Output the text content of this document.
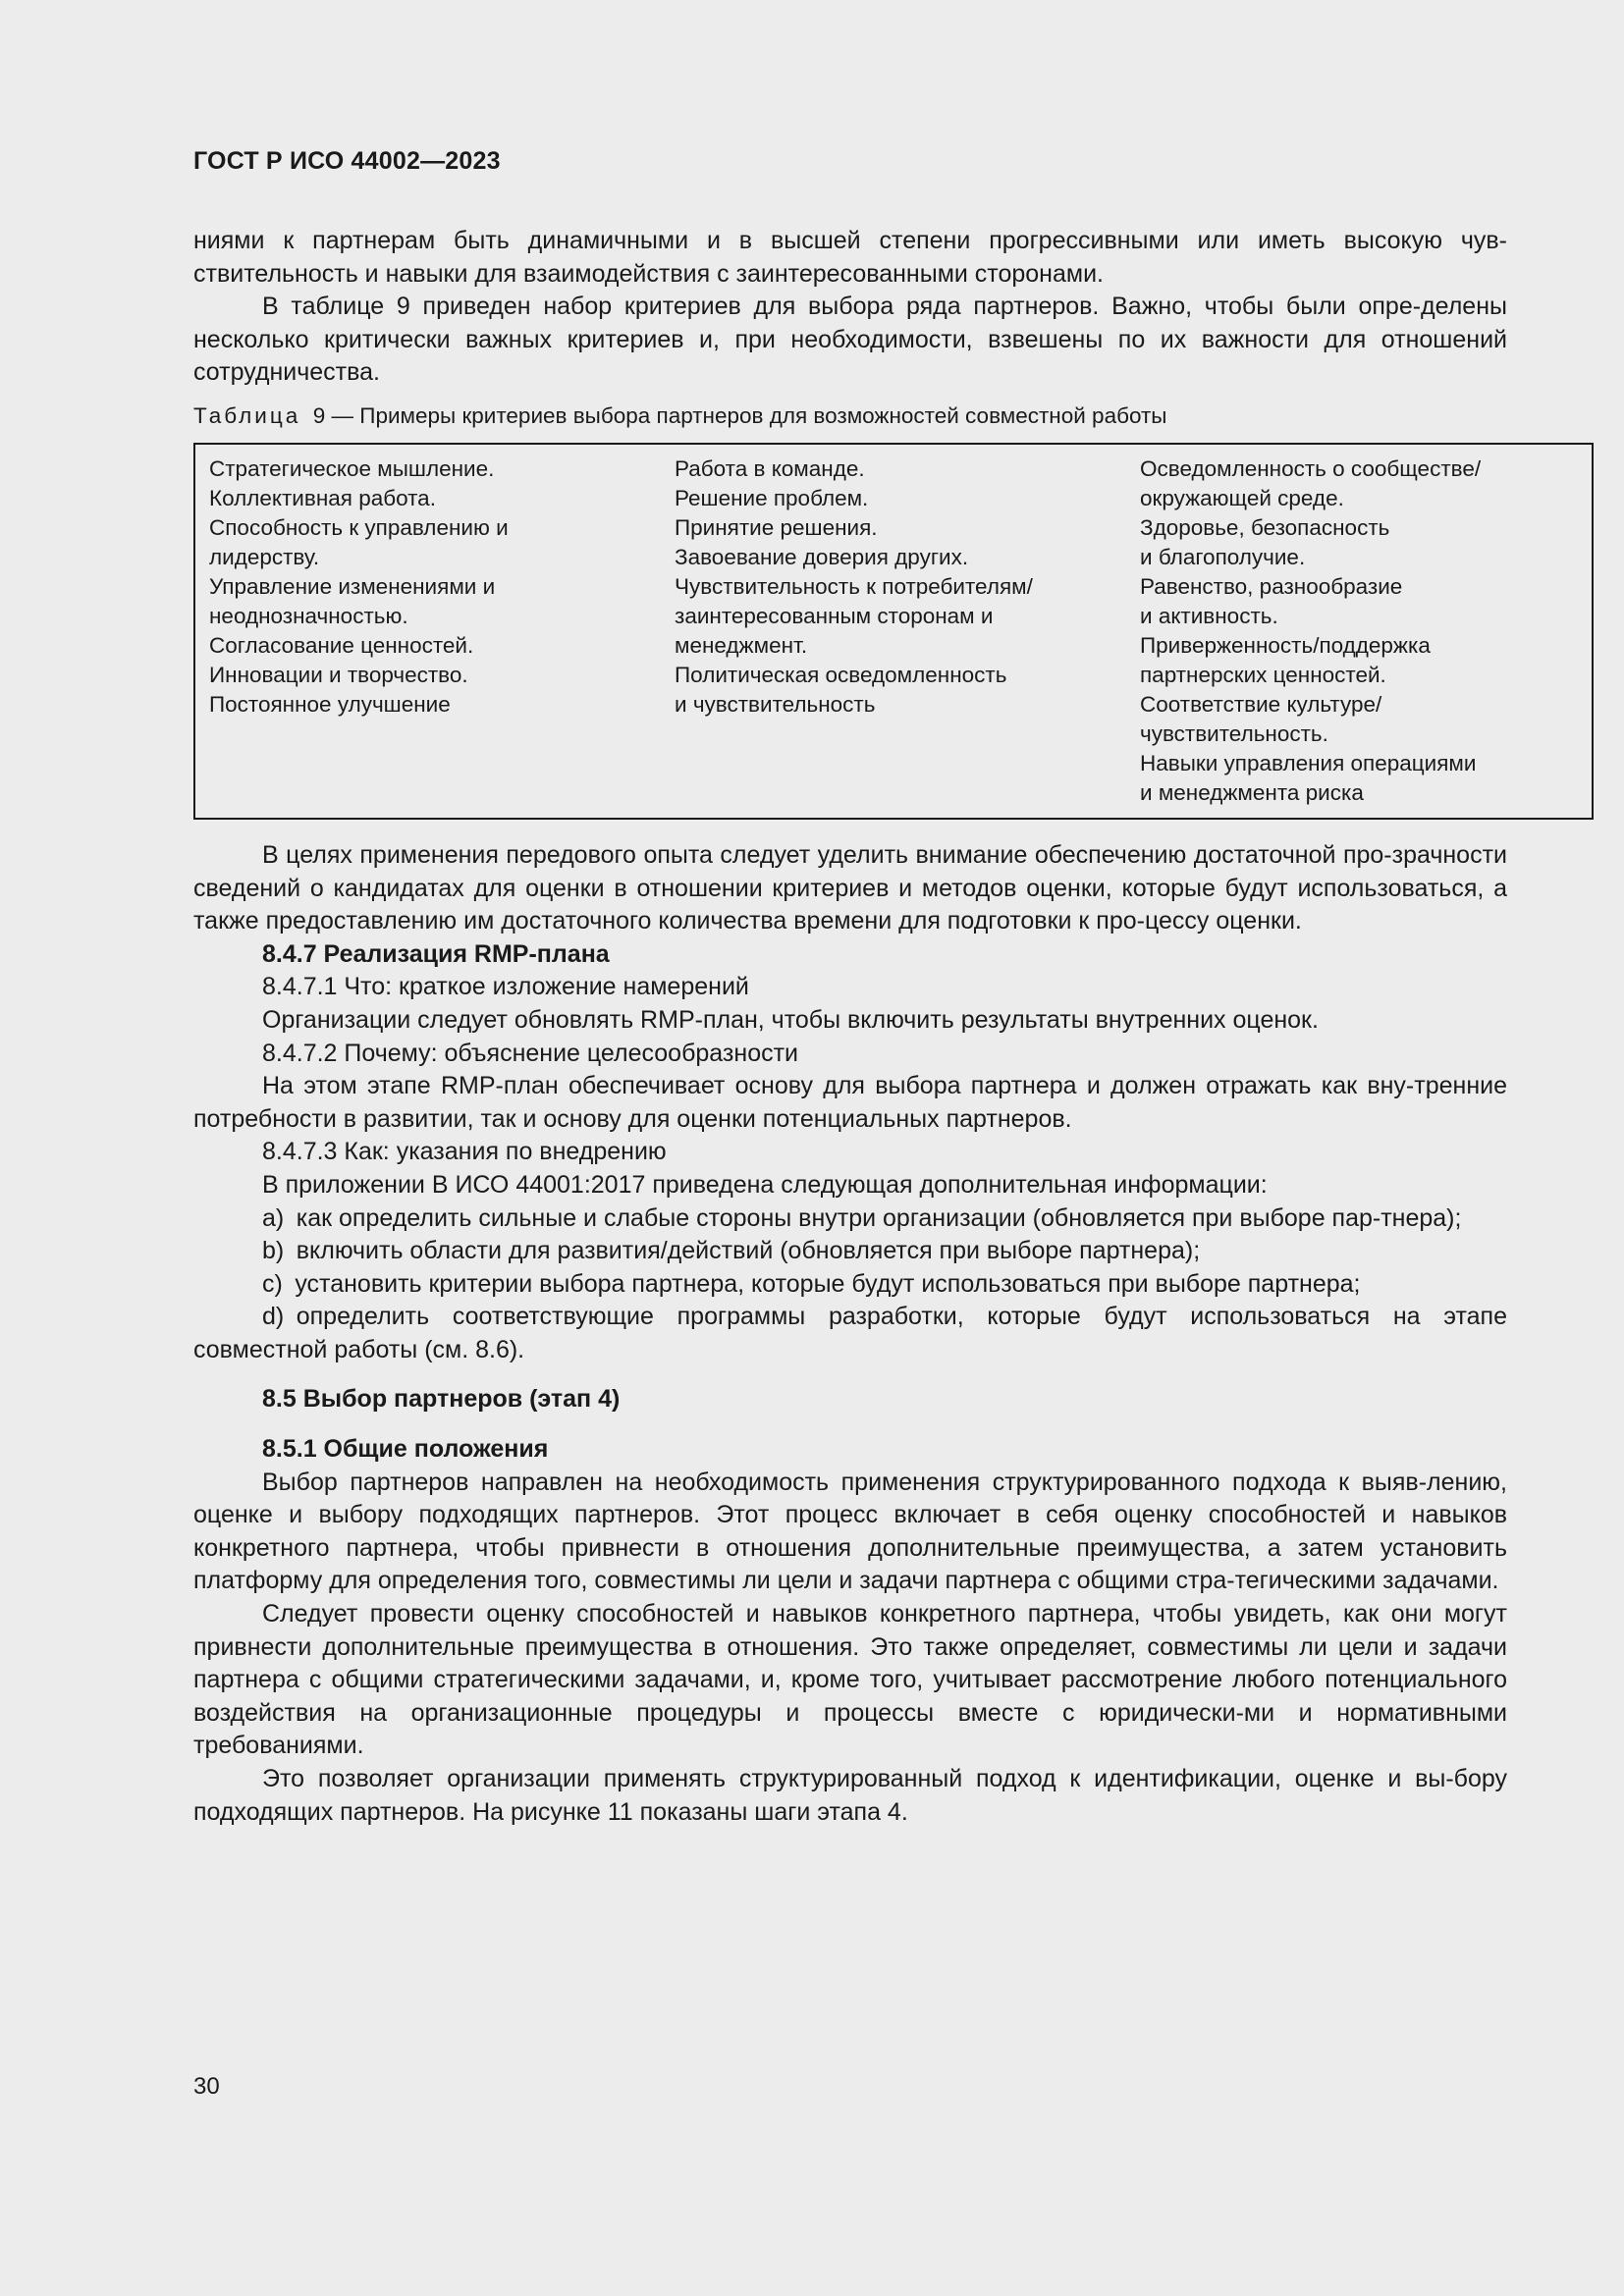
ГОСТ Р ИСО 44002—2023

ниями к партнерам быть динамичными и в высшей степени прогрессивными или иметь высокую чув-ствительность и навыки для взаимодействия с заинтересованными сторонами.

В таблице 9 приведен набор критериев для выбора ряда партнеров. Важно, чтобы были опре-делены несколько критически важных критериев и, при необходимости, взвешены по их важности для отношений сотрудничества.

Таблица 9 — Примеры критериев выбора партнеров для возможностей совместной работы
Стратегическое мышление.
Коллективная работа.
Способность к управлению и
лидерству.
Управление изменениями и
неоднозначностью.
Согласование ценностей.
Инновации и творчество.
Постоянное улучшение

Работа в команде.
Решение проблем.
Принятие решения.
Завоевание доверия других.
Чувствительность к потребителям/
заинтересованным сторонам и
менеджмент.
Политическая осведомленность
и чувствительность

Осведомленность о сообществе/
окружающей среде.
Здоровье, безопасность
и благополучие.
Равенство, разнообразие
и активность.
Приверженность/поддержка
партнерских ценностей.
Соответствие культуре/
чувствительность.
Навыки управления операциями
и менеджмента риска

В целях применения передового опыта следует уделить внимание обеспечению достаточной про-зрачности сведений о кандидатах для оценки в отношении критериев и методов оценки, которые будут использоваться, а также предоставлению им достаточного количества времени для подготовки к про-цессу оценки.

8.4.7 Реализация RMP-плана

8.4.7.1 Что: краткое изложение намерений

Организации следует обновлять RMP-план, чтобы включить результаты внутренних оценок.

8.4.7.2 Почему: объяснение целесообразности

На этом этапе RMP-план обеспечивает основу для выбора партнера и должен отражать как вну-тренние потребности в развитии, так и основу для оценки потенциальных партнеров.

8.4.7.3 Как: указания по внедрению

В приложении В ИСО 44001:2017 приведена следующая дополнительная информации:

а) как определить сильные и слабые стороны внутри организации (обновляется при выборе пар-тнера);

b) включить области для развития/действий (обновляется при выборе партнера);

c) установить критерии выбора партнера, которые будут использоваться при выборе партнера;

d) определить соответствующие программы разработки, которые будут использоваться на этапе совместной работы (см. 8.6).

8.5 Выбор партнеров (этап 4)

8.5.1 Общие положения

Выбор партнеров направлен на необходимость применения структурированного подхода к выяв-лению, оценке и выбору подходящих партнеров. Этот процесс включает в себя оценку способностей и навыков конкретного партнера, чтобы привнести в отношения дополнительные преимущества, а затем установить платформу для определения того, совместимы ли цели и задачи партнера с общими стра-тегическими задачами.

Следует провести оценку способностей и навыков конкретного партнера, чтобы увидеть, как они могут привнести дополнительные преимущества в отношения. Это также определяет, совместимы ли цели и задачи партнера с общими стратегическими задачами, и, кроме того, учитывает рассмотрение любого потенциального воздействия на организационные процедуры и процессы вместе с юридически-ми и нормативными требованиями.

Это позволяет организации применять структурированный подход к идентификации, оценке и вы-бору подходящих партнеров. На рисунке 11 показаны шаги этапа 4.

30
